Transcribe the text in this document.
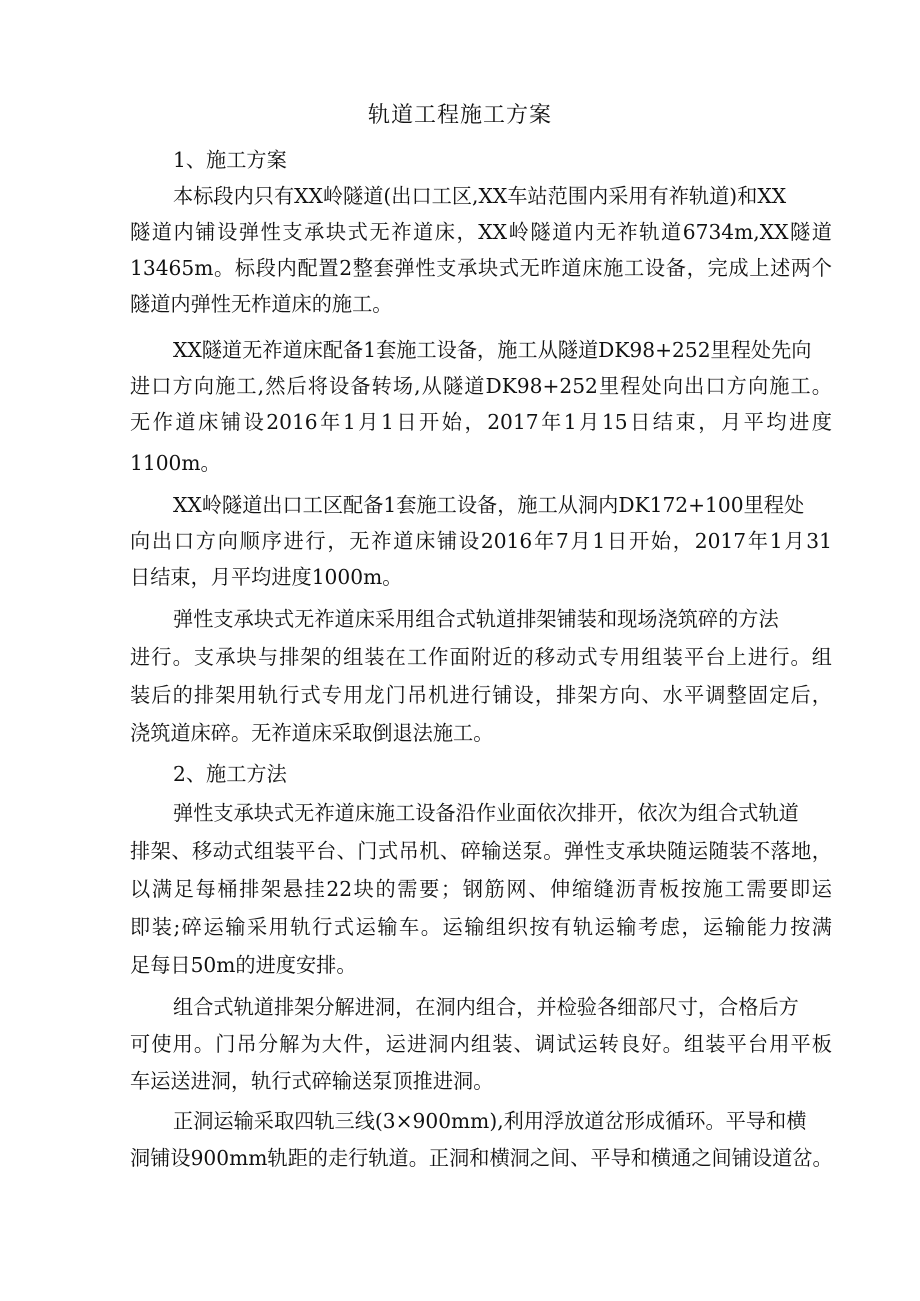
轨道工程施工方案

1、施工方案

本标段内只有XX岭隧道(出口工区,XX车站范围内采用有祚轨道)和XX

隧道内铺设弹性支承块式无祚道床，XX岭隧道内无祚轨道6734m,XX隧道

13465m。标段内配置2整套弹性支承块式无昨道床施工设备，完成上述两个

隧道内弹性无柞道床的施工。

XX隧道无祚道床配备1套施工设备，施工从隧道DK98+252里程处先向

进口方向施工,然后将设备转场,从隧道DK98+252里程处向出口方向施工。

无作道床铺设2016年1月1日开始，2017年1月15日结束，月平均进度

1100m。

XX岭隧道出口工区配备1套施工设备，施工从洞内DK172+100里程处

向出口方向顺序进行，无祚道床铺设2016年7月1日开始，2017年1月31

日结束，月平均进度1000m。

弹性支承块式无祚道床采用组合式轨道排架铺装和现场浇筑碎的方法

进行。支承块与排架的组装在工作面附近的移动式专用组装平台上进行。组

装后的排架用轨行式专用龙门吊机进行铺设，排架方向、水平调整固定后，

浇筑道床碎。无祚道床采取倒退法施工。

2、施工方法

弹性支承块式无祚道床施工设备沿作业面依次排开，依次为组合式轨道

排架、移动式组装平台、门式吊机、碎输送泵。弹性支承块随运随装不落地，

以满足每桶排架悬挂22块的需要；钢筋网、伸缩缝沥青板按施工需要即运

即装;碎运输采用轨行式运输车。运输组织按有轨运输考虑，运输能力按满

足每日50m的进度安排。

组合式轨道排架分解进洞，在洞内组合，并检验各细部尺寸，合格后方

可使用。门吊分解为大件，运进洞内组装、调试运转良好。组装平台用平板

车运送进洞，轨行式碎输送泵顶推进洞。

正洞运输采取四轨三线(3×900mm),利用浮放道岔形成循环。平导和横

洞铺设900mm轨距的走行轨道。正洞和横洞之间、平导和横通之间铺设道岔。
